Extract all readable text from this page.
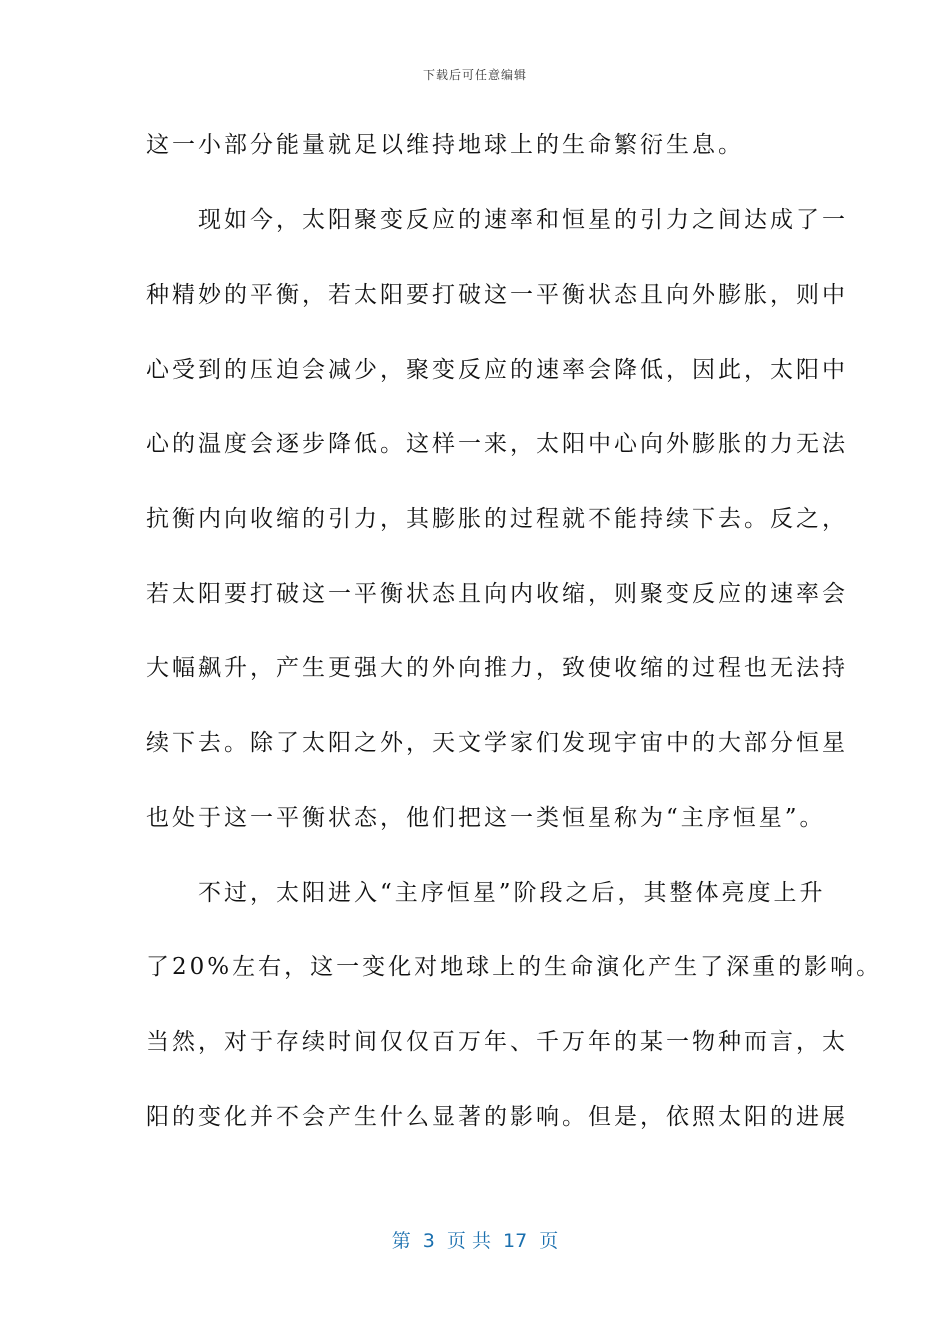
下载后可任意编辑
这一小部分能量就足以维持地球上的生命繁衍生息。
　　现如今，太阳聚变反应的速率和恒星的引力之间达成了一
种精妙的平衡，若太阳要打破这一平衡状态且向外膨胀，则中
心受到的压迫会减少，聚变反应的速率会降低，因此，太阳中
心的温度会逐步降低。这样一来，太阳中心向外膨胀的力无法
抗衡内向收缩的引力，其膨胀的过程就不能持续下去。反之，
若太阳要打破这一平衡状态且向内收缩，则聚变反应的速率会
大幅飙升，产生更强大的外向推力，致使收缩的过程也无法持
续下去。除了太阳之外，天文学家们发现宇宙中的大部分恒星
也处于这一平衡状态，他们把这一类恒星称为“主序恒星”。
　　不过，太阳进入“主序恒星”阶段之后，其整体亮度上升
了20%左右，这一变化对地球上的生命演化产生了深重的影响。
当然，对于存续时间仅仅百万年、千万年的某一物种而言，太
阳的变化并不会产生什么显著的影响。但是，依照太阳的进展
第  3  页 共  17  页
